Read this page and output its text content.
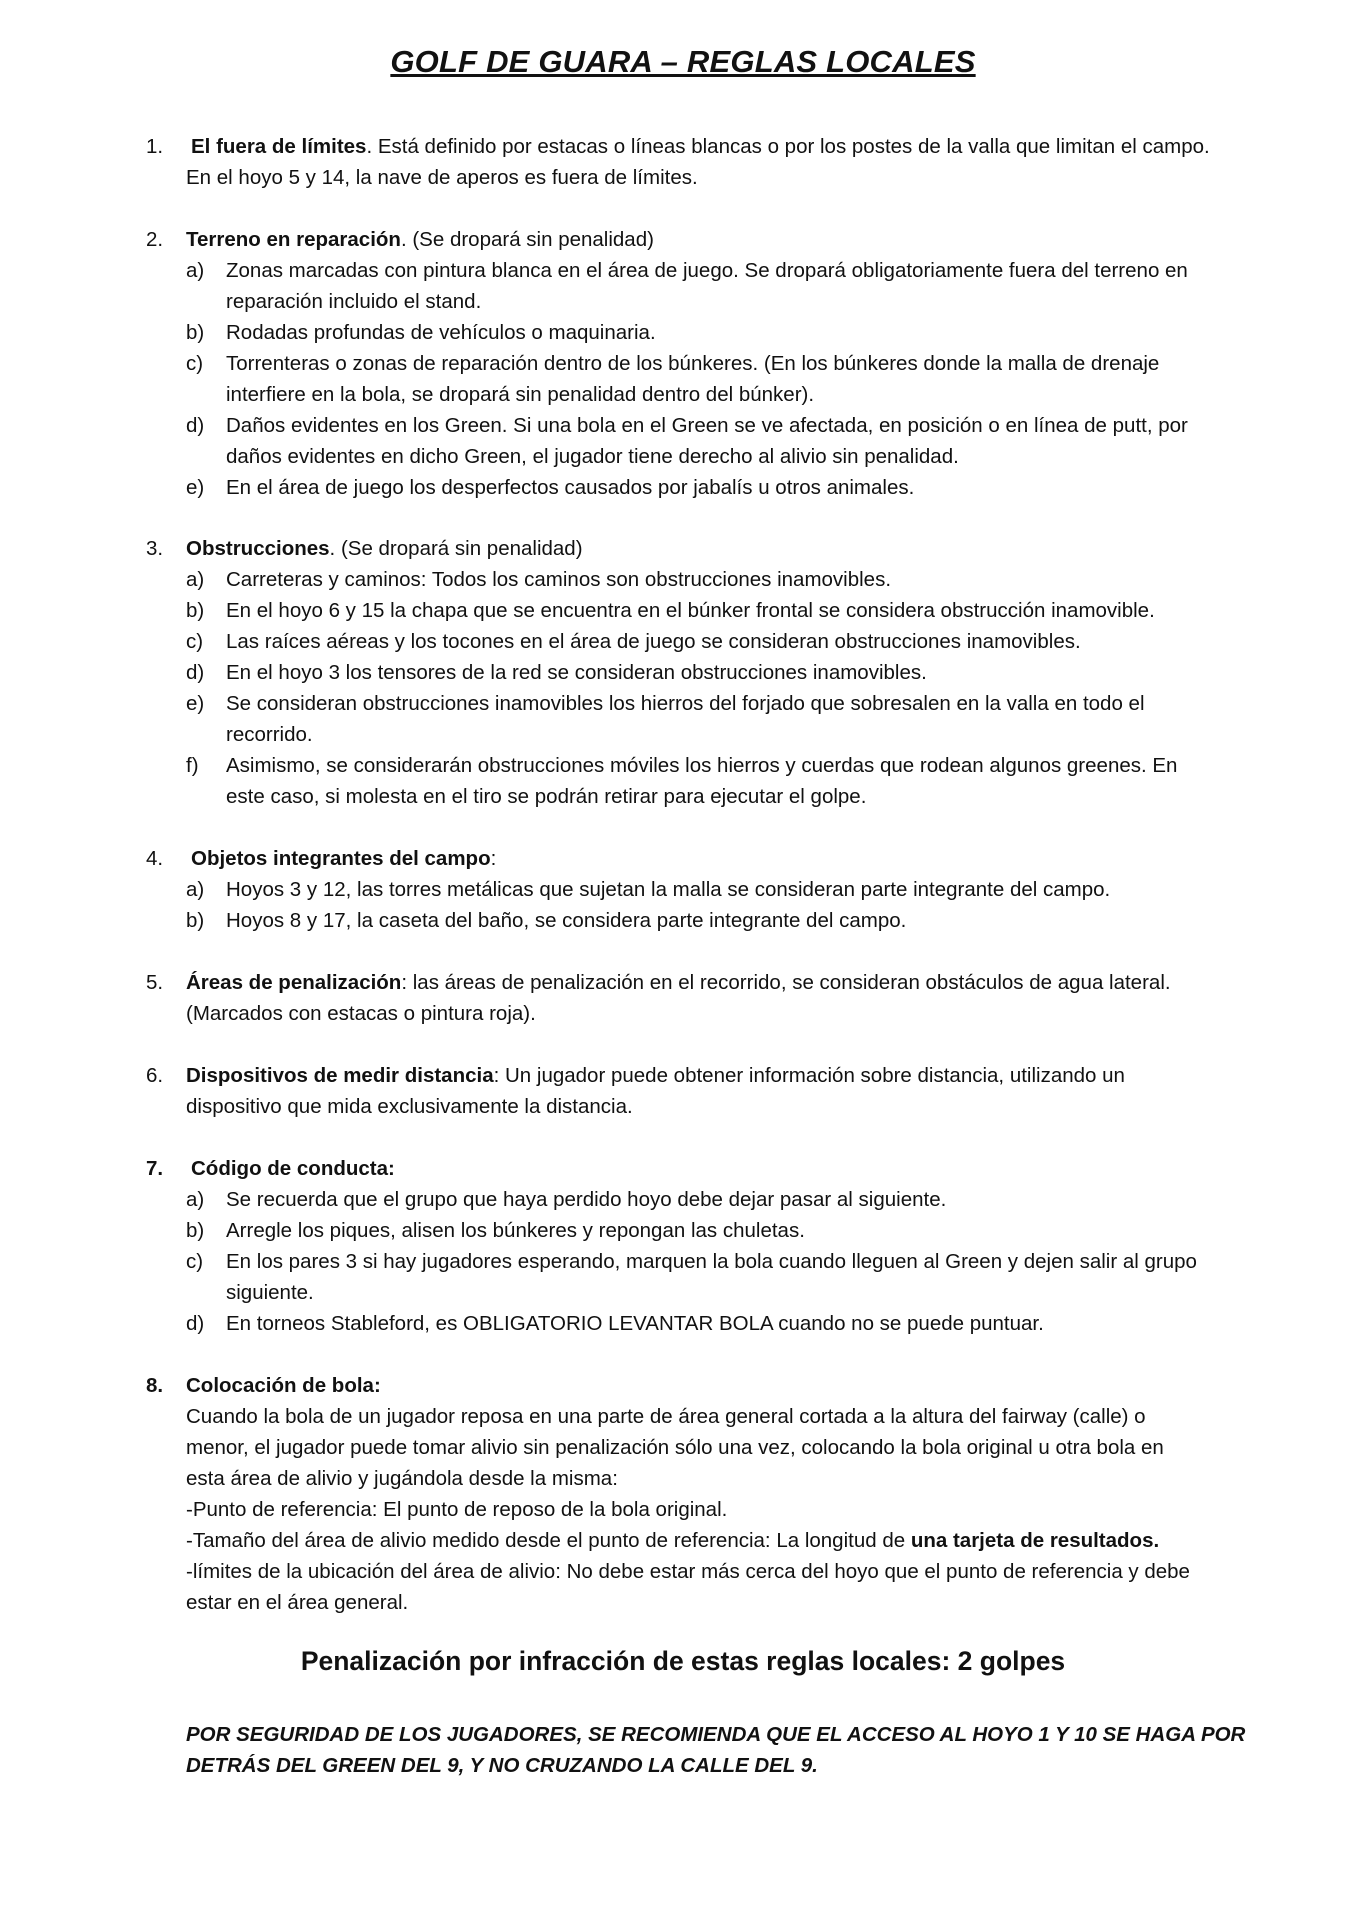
GOLF DE GUARA – REGLAS LOCALES
1. El fuera de límites. Está definido por estacas o líneas blancas o por los postes de la valla que limitan el campo.
En el hoyo 5 y 14, la nave de aperos es fuera de límites.
2. Terreno en reparación. (Se dropará sin penalidad)
a) Zonas marcadas con pintura blanca en el área de juego. Se dropará obligatoriamente fuera del terreno en
reparación incluido el stand.
b) Rodadas profundas de vehículos o maquinaria.
c) Torrenteras o zonas de reparación dentro de los búnkeres. (En los búnkeres donde la malla de drenaje
interfiere en la bola, se dropará sin penalidad dentro del búnker).
d) Daños evidentes en los Green. Si una bola en el Green se ve afectada, en posición o en línea de putt, por
daños evidentes en dicho Green, el jugador tiene derecho al alivio sin penalidad.
e) En el área de juego los desperfectos causados por jabalís u otros animales.
3. Obstrucciones. (Se dropará sin penalidad)
a) Carreteras y caminos: Todos los caminos son obstrucciones inamovibles.
b) En el hoyo 6 y 15 la chapa que se encuentra en el búnker frontal se considera obstrucción inamovible.
c) Las raíces aéreas y los tocones en el área de juego se consideran obstrucciones inamovibles.
d) En el hoyo 3 los tensores de la red se consideran obstrucciones inamovibles.
e) Se consideran obstrucciones inamovibles los hierros del forjado que sobresalen en la valla en todo el
recorrido.
f) Asimismo, se considerarán obstrucciones móviles los hierros y cuerdas que rodean algunos greenes. En
este caso, si molesta en el tiro se podrán retirar para ejecutar el golpe.
4. Objetos integrantes del campo:
a) Hoyos 3 y 12, las torres metálicas que sujetan la malla se consideran parte integrante del campo.
b) Hoyos 8 y 17, la caseta del baño, se considera parte integrante del campo.
5. Áreas de penalización: las áreas de penalización en el recorrido, se consideran obstáculos de agua lateral.
(Marcados con estacas o pintura roja).
6. Dispositivos de medir distancia: Un jugador puede obtener información sobre distancia, utilizando un
dispositivo que mida exclusivamente la distancia.
7. Código de conducta:
a) Se recuerda que el grupo que haya perdido hoyo debe dejar pasar al siguiente.
b) Arregle los piques, alisen los búnkeres y repongan las chuletas.
c) En los pares 3 si hay jugadores esperando, marquen la bola cuando lleguen al Green y dejen salir al grupo
siguiente.
d) En torneos Stableford, es OBLIGATORIO LEVANTAR BOLA cuando no se puede puntuar.
8. Colocación de bola:
Cuando la bola de un jugador reposa en una parte de área general cortada a la altura del fairway (calle) o
menor, el jugador puede tomar alivio sin penalización sólo una vez, colocando la bola original u otra bola en
esta área de alivio y jugándola desde la misma:
-Punto de referencia: El punto de reposo de la bola original.
-Tamaño del área de alivio medido desde el punto de referencia: La longitud de una tarjeta de resultados.
-límites de la ubicación del área de alivio: No debe estar más cerca del hoyo que el punto de referencia y debe
estar en el área general.
Penalización por infracción de estas reglas locales: 2 golpes
POR SEGURIDAD DE LOS JUGADORES, SE RECOMIENDA QUE EL ACCESO AL HOYO 1 Y 10 SE HAGA POR
DETRÁS DEL GREEN DEL 9, Y NO CRUZANDO LA CALLE DEL 9.
